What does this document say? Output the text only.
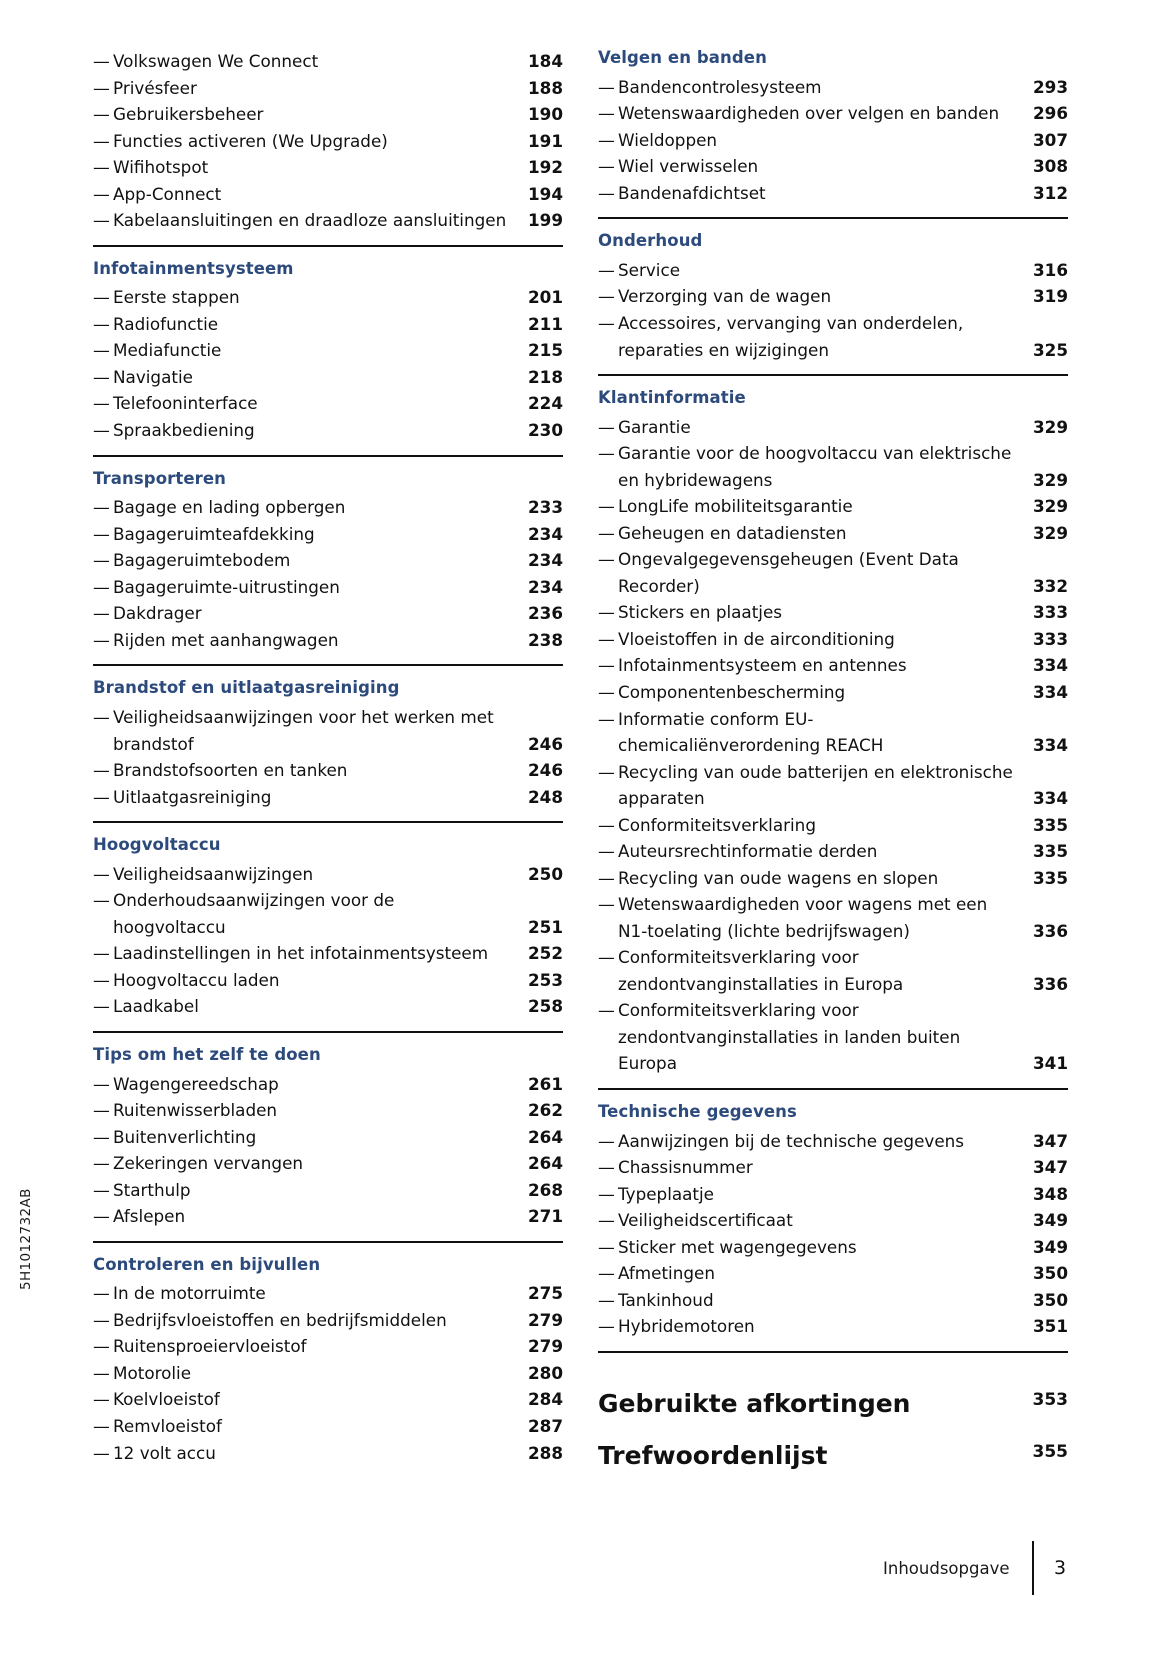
5H1012732AB
— Volkswagen We Connect	184
— Privésfeer	188
— Gebruikersbeheer	190
— Functies activeren (We Upgrade)	191
— Wifihotspot	192
— App-Connect	194
— Kabelaansluitingen en draadloze aansluitingen	199
Infotainmentsysteem
— Eerste stappen	201
— Radiofunctie	211
— Mediafunctie	215
— Navigatie	218
— Telefooninterface	224
— Spraakbediening	230
Transporteren
— Bagage en lading opbergen	233
— Bagageruimteafdekking	234
— Bagageruimtebodem	234
— Bagageruimte-uitrustingen	234
— Dakdrager	236
— Rijden met aanhangwagen	238
Brandstof en uitlaatgasreiniging
— Veiligheidsaanwijzingen voor het werken met brandstof	246
— Brandstofsoorten en tanken	246
— Uitlaatgasreiniging	248
Hoogvoltaccu
— Veiligheidsaanwijzingen	250
— Onderhoudsaanwijzingen voor de hoogvoltaccu	251
— Laadinstellingen in het infotainmentsysteem	252
— Hoogvoltaccu laden	253
— Laadkabel	258
Tips om het zelf te doen
— Wagengereedschap	261
— Ruitenwisserbladen	262
— Buitenverlichting	264
— Zekeringen vervangen	264
— Starthulp	268
— Afslepen	271
Controleren en bijvullen
— In de motorruimte	275
— Bedrijfsvloeistoffen en bedrijfsmiddelen	279
— Ruitensproeiervloeistof	279
— Motorolie	280
— Koelvloeistof	284
— Remvloeistof	287
— 12 volt accu	288
Velgen en banden
— Bandencontrolesysteem	293
— Wetenswaardigheden over velgen en banden	296
— Wieldoppen	307
— Wiel verwisselen	308
— Bandenafdichtset	312
Onderhoud
— Service	316
— Verzorging van de wagen	319
— Accessoires, vervanging van onderdelen, reparaties en wijzigingen	325
Klantinformatie
— Garantie	329
— Garantie voor de hoogvoltaccu van elektrische en hybridewagens	329
— LongLife mobiliteitsgarantie	329
— Geheugen en datadiensten	329
— Ongevalgegevensgeheugen (Event Data Recorder)	332
— Stickers en plaatjes	333
— Vloeistoffen in de airconditioning	333
— Infotainmentsysteem en antennes	334
— Componentenbescherming	334
— Informatie conform EU-chemicaliënverordening REACH	334
— Recycling van oude batterijen en elektronische apparaten	334
— Conformiteitsverklaring	335
— Auteursrechtinformatie derden	335
— Recycling van oude wagens en slopen	335
— Wetenswaardigheden voor wagens met een N1-toelating (lichte bedrijfswagen)	336
— Conformiteitsverklaring voor zendontvanginstallaties in Europa	336
— Conformiteitsverklaring voor zendontvanginstallaties in landen buiten Europa	341
Technische gegevens
— Aanwijzingen bij de technische gegevens	347
— Chassisnummer	347
— Typeplaatje	348
— Veiligheidscertificaat	349
— Sticker met wagengegevens	349
— Afmetingen	350
— Tankinhoud	350
— Hybridemotoren	351
Gebruikte afkortingen	353
Trefwoordenlijst	355
Inhoudsopgave	3
